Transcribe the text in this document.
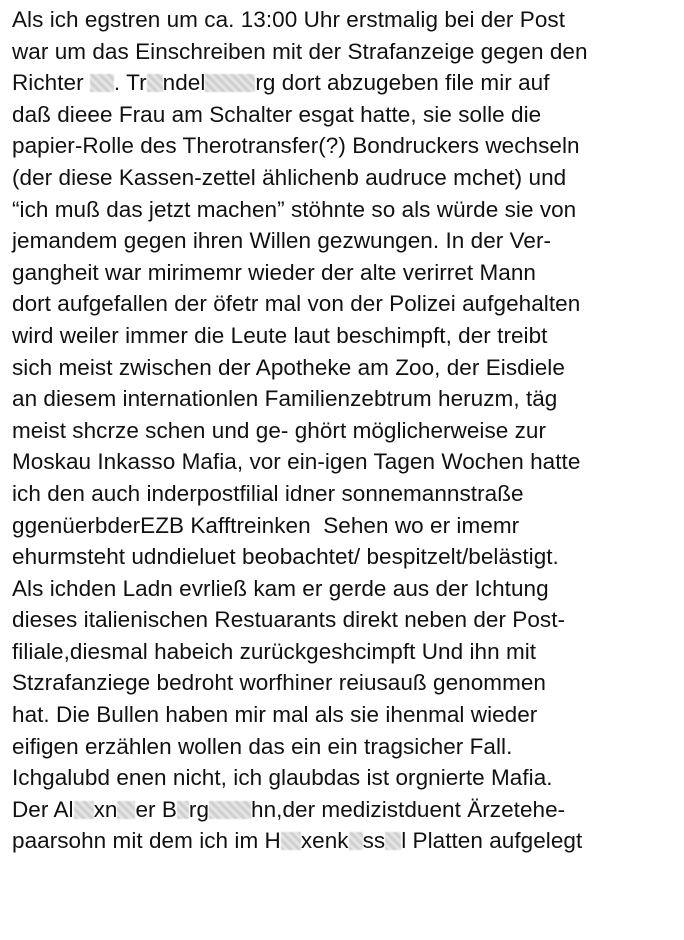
Als ich egstren um ca. 13:00 Uhr erstmalig bei der Post
war um das Einschreiben mit der Strafanzeige gegen den
Richter . Tr ndel rg dort abzugeben file mir auf
daß dieee Frau am Schalter esgat hatte, sie solle die
papier-Rolle des Therotransfer(?) Bondruckers wechseln
(der diese Kassen-zettel ählichenb audruce mchet) und
“ich muß das jetzt machen” stöhnte so als würde sie von
jemandem gegen ihren Willen gezwungen. In der Ver-
gangheit war mirimemr wieder der alte verirret Mann
dort aufgefallen der öfetr mal von der Polizei aufgehalten
wird weiler immer die Leute laut beschimpft, der treibt
sich meist zwischen der Apotheke am Zoo, der Eisdiele
an diesem internationlen Familienzebtrum heruzm, täg
meist shcrze schen und ge- ghört möglicherweise zur
Moskau Inkasso Mafia, vor ein-igen Tagen Wochen hatte
ich den auch inderpostfilial idner sonnemannstraße
ggenüerbderEZB Kafftreinken  Sehen wo er imemr
ehurmsteht udndieluet beobachtet/ bespitzelt/belästigt.
Als ichden Ladn evrließ kam er gerde aus der Ichtung
dieses italienischen Restuarants direkt neben der Post-
filiale,diesmal habeich zurückgeshcimpft Und ihn mit
Stzrafanziege bedroht worfhiner reiusauß genommen
hat. Die Bullen haben mir mal als sie ihenmal wieder
eifigen erzählen wollen das ein ein tragsicher Fall.
Ichgalubd enen nicht, ich glaubdas ist orgnierte Mafia.
Der Al xn er B rg hn,der medizistduent Ärzetehe-
paarsohn mit dem ich im H xenk ss l Platten aufgelegt
